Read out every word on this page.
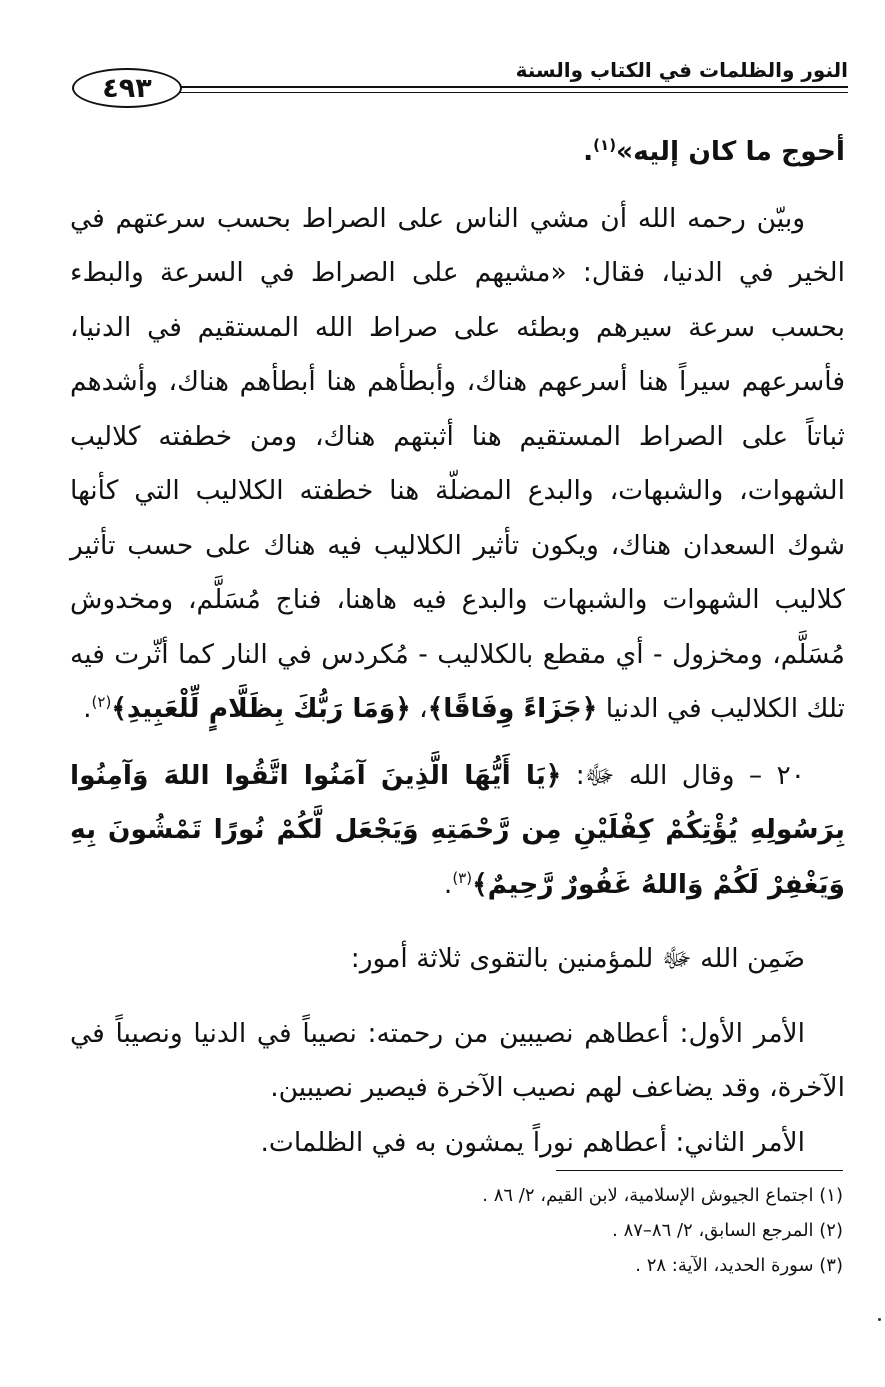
٤٩٣
النور والظلمات في الكتاب والسنة

أحوج ما كان إليه»$^{(١)}$.

وبيّن رحمه الله أن مشي الناس على الصراط بحسب سرعتهم في الخير في الدنيا، فقال: «مشيهم على الصراط في السرعة والبطء بحسب سرعة سيرهم وبطئه على صراط الله المستقيم في الدنيا، فأسرعهم سيراً هنا أسرعهم هناك، وأبطأهم هنا أبطأهم هناك، وأشدهم ثباتاً على الصراط المستقيم هنا أثبتهم هناك، ومن خطفته كلاليب الشهوات، والشبهات، والبدع المضلّة هنا خطفته الكلاليب التي كأنها شوك السعدان هناك، ويكون تأثير الكلاليب فيه هناك على حسب تأثير كلاليب الشهوات والشبهات والبدع فيه هاهنا، فناج مُسَلَّم، ومخدوش مُسَلَّم، ومخزول - أي مقطع بالكلاليب - مُكردس في النار كما أثّرت فيه تلك الكلاليب في الدنيا ﴿جَزَاءً وِفَاقًا﴾، ﴿وَمَا رَبُّكَ بِظَلَّامٍ لِّلْعَبِيدِ﴾$^{(٢)}$.

٢٠ – وقال الله ﷻ: ﴿يَا أَيُّهَا الَّذِينَ آمَنُوا اتَّقُوا اللهَ وَآمِنُوا بِرَسُولِهِ يُؤْتِكُمْ كِفْلَيْنِ مِن رَّحْمَتِهِ وَيَجْعَل لَّكُمْ نُورًا تَمْشُونَ بِهِ وَيَغْفِرْ لَكُمْ وَاللهُ غَفُورٌ رَّحِيمٌ﴾$^{(٣)}$.

ضَمِن الله ﷻ للمؤمنين بالتقوى ثلاثة أمور:

الأمر الأول: أعطاهم نصيبين من رحمته: نصيباً في الدنيا ونصيباً في الآخرة، وقد يضاعف لهم نصيب الآخرة فيصير نصيبين.

الأمر الثاني: أعطاهم نوراً يمشون به في الظلمات.

(١) اجتماع الجيوش الإسلامية، لابن القيم، ٢/ ٨٦ .

(٢) المرجع السابق، ٢/ ٨٦–٨٧ .

(٣) سورة الحديد، الآية: ٢٨ .
